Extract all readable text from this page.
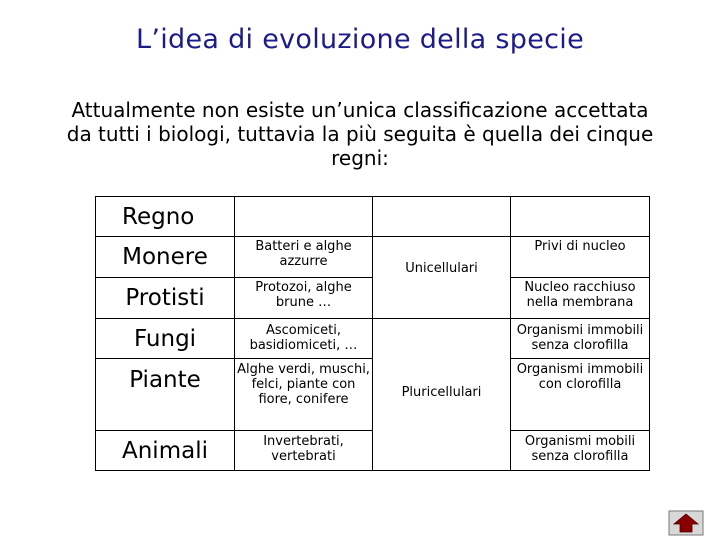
L’idea di evoluzione della specie
Attualmente non esiste un’unica classificazione accettata da tutti i biologi, tuttavia la più seguita è quella dei cinque regni:
Regno			
Monere	Batteri e alghe azzurre	Unicellulari	Privi di nucleo
Protisti	Protozoi, alghe brune …		Nucleo racchiuso nella membrana
Fungi	Ascomiceti, basidiomiceti, …	Pluricellulari	Organismi immobili senza clorofilla
Piante	Alghe verdi, muschi, felci, piante con fiore, conifere		Organismi immobili con clorofilla
Animali	Invertebrati, vertebrati		Organismi mobili senza clorofilla
